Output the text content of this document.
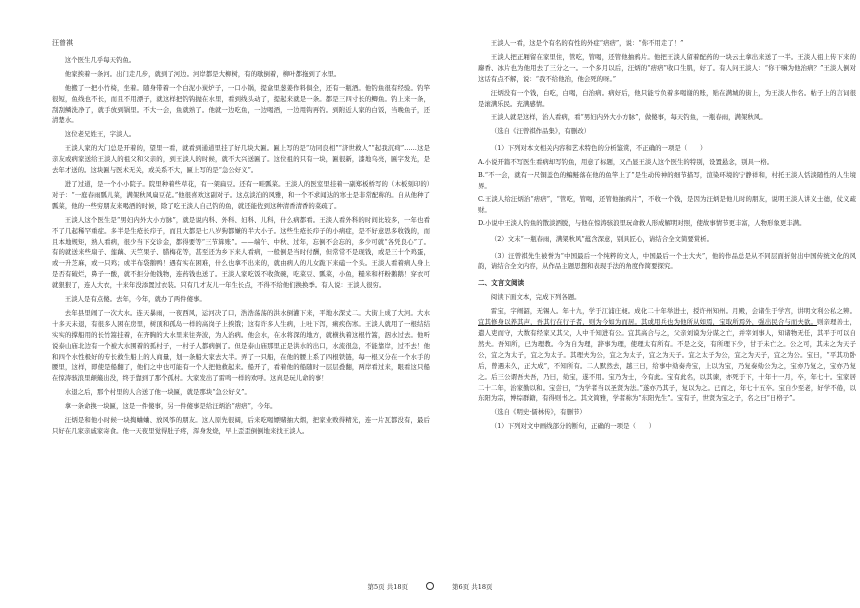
汪曾祺
这个医生几乎每天钓鱼。
他家挨着一条河。出门走几步，就到了河边。河岸都是大柳树，有的歇倒着，柳叶都拖到了水里。
他搬了一把小竹椅，坐着。随身带着一个白泥小炭炉子，一口小锅，提盒里葱姜作料俱全，还有一瓶酒。他钓鱼很有经验。钓竿很短，鱼线也不长，而且不用漂子，就这样把钓钩抛在水里，看到线头动了，提起来就是一条。都是三四寸长的鲫鱼。钓上来一条，刮刮鳞洗净了，就手放到锅里。不大一会，鱼就熟了。他就一边吃鱼，一边喝酒，一边甩钩再钓。到附近人家的白饭，当晚鱼子，还清楚水。
这位老兄姓王，字淡人。
王淡人家的大门总是开着的，望里一看，就看到通道里挂了好几块大匾。匾上写的是“功同良相”“济世救人”“起我沉疴”……这是亲友或病家送给王淡人的祖父和父亲的，到王淡人的时候，就不大兴送匾了。这位祖的只有一块，匾很新，漆地乌亮，匾字发光，是去年才送的。这块匾与医术无关，或关系不大，匾上写的是“急公好义”。
进了过道，是一个小小院子。院里种着些草花，有一架扁豆。还有一畦瓢菜。王淡人的医室里挂着一副郑板桥写的（木板刻印的）对子：“一庭春雨瓢儿菜，满架秋风扁豆花。”他很喜欢这副对子。这点淡泊的风雅，和一个不求闻达的寒士是非常配称的。自从他种了瓢菜，他的一些穷朋友来喝酒的时候，除了吃王淡人自己钓的鱼，就还能佐到这种清香清香的菜疏了。
王淡人这个医生是“男妇内外大小方脉”，就是说内科、外科、妇科、儿科，什么病都看。王淡人看外科的时间比较多，一年也看不了几起稀罕重症。多半是生疮长疖子，而且大都是七八岁狗都嫌的半大小子。这些生疮长疖子的小病症，是不好意思多收钱的，而且本地规矩，熟人看病，很少当下交诊金，都得要等“三节算账”。——端午、中秋、过年，忘倒不会忘的，多少可就“各凭良心”了。有的就送来些扇子、莲藕、天竺果子、腊梅花等，甚至还为乡下来人看病，一般倒是当时付酬，但常常不是现钱，或是三十个鸡蛋，或一升芝麻，或一只鸡；或半布袋鹅鸭！遇有实在困难，什么也拿不出来的，就由病人的儿女跪下来磕一个头。王淡人看着病人身上是否有破烂，鼻子一酸，就不拒分他钱物，连药钱也送了。王淡人家吃饭不收敛碗，吃菜豆、瓢菜，小鱼，糙米和杆粉鹅鹅！穿衣可就狠狠了，连人大衣，十来年没添置过衣装。只有几才友儿一年生长点，不得不给他们换换季。有人说：王淡人很穷。
王淡人是有点傻。去年，今年，就办了两件傻事。
去年县里闹了一次大水。连天暴雨，一夜西风，运河决了口，浩浩荡荡的洪水倒灌下来，平地水深丈二。大街上成了大河。大水十多天未退，有很多人困在房里，树顶和孤岛一样的高岗子上挨饿；这有许多人生病，上吐下泻，痢疾伤寒。王淡人就用了一根结结实实的撑船用的长竹篙挂着，在齐胸的大水里来往奔波，为人治病。他会水，在水将深的地方，就横执着这根竹篙，泅水过去。他听说泰山庙北边有一个被大水围着的孤村子，一村子人都病倒了。但是泰山庙那里正是洪水的出口，水流很急，不能靠岸，过不去！他和四个水性极好的专长救生船上的人商量，划一条船大家去大半。弄了一只船，在他的腰上系了四根铁链，每一根又分在一个水手的腰里，这样，即使是船翻了，他们之中也可能有一个人把他救起来。船开了，看着他的船随时一层层叠翻，两岸看过来，眼看这只船在惊涛骇浪里颠簸出没，终于靠到了那个孤村。大家发出了雷鸣一样的欢呼。这真是玩儿命的事！
水退之后，那个村里的人合送了他一块匾，就是那块“急公好义”。
拿一条命换一块匾，这是一件傻事，另一件傻事是给汪炳治“痞痞”，今年。
汪炳是和他小时候一块掏蛐蛐、放风筝的朋友。这人原先很阔，后来吃喝嫖赌抽大烟，把家业败得精光，连一片瓦都没有，最后只好在几家亲戚家寄食。他一天夜里觉得肚子疼，浑身发烧，早上歪歪倒倒地来找王淡人。
王淡人一看，这是个有名的有性的外症“痞痞”，说：“你不用走了！”
王淡人把正厢留在家里住，管吃，管喝，还管他抽鸦片。他把王淡人留着配药的一块云土拿出来送了一半。王淡人祖上传下来的麝香、冰片也为他用去了三分之一。一个多月以后，汪炳的“痞痞”收口生肌，好了。有人问王淡人：“你干嘛为他治病？”王淡人倒对这话有点不解，说：“我不给他治，他会死的呀。”
汪炳没有一个钱，白吃，白喝，白治病。病好后，他只能亏负着多喝谢的账，贴在满城的街上，为王淡人作名。帖子上的言词很是滚满乐民。充满感情。
王淡人就是这样，治人看病，看“男妇内外大小方脉”，做傻事，每天钓鱼，一瓶春雨，满架秋风。
（选自《汪曾祺作品集》，有删改）
（1）下列对本文相关内容和艺术特色的分析鉴赏，不正确的一项是（　　）
A.小说开篇不写医生看病却写钓鱼，用意了标题，又凸显王淡人这个医生的特别，设置悬念，别具一格。
B.“不一会，就有一尺铜盖色的鳊鲢落在他的鱼竿上了”是生动传神的细节描写，渲染环境的宁静祥和，村托王淡人恬淡随性的人生境界。
C.王淡人给汪炳治“痞痞”，“管吃，管喝，还管他抽鸦片”，不收一个钱，是因为汪炳是他儿时的朋友，说明王淡人讲义士德，仗义疏财。
D.小说中王淡人钓鱼的散淡洒脱，与他在惊涛骇浪里玩命救人形成解明对照，使故事情节更丰富，人物形象更丰满。
（2）文末“一瓶春雨，满架秋风”蕴含深意，别具匠心，请结合全文简要赏析。
（3）汪曾祺先生被誉为“中国最后一个纯粹的文人，中国最后一个士大夫”，他的作品总是从不同层面折射出中国传统文化的风韵，请结合全文内容，从作品主题思想和表现手法的角度作简要探究。
二、文言文阅读
阅读下面文本，完成下列各题。
雷宝，字阐韶，无锡人。年十九，学于江浦庄昶。成化二十年举进士，授许州知州。月殿，会诸生于学宫，讲明文利公私之辨。宜其修身以养其声，吾其行在行子者，则为今如为而居。其或用兵也为他所从如焉，宝取所焉外，强出民合与而夫欲。则亲理善士，遣人吏而守，大数有经家又其父，人中千知进有公。宜其高合与之，父亲刘谟为分谋之亡，并宰刘事人，知诸物无任，其平于可以自然夫。吾知所，已为理教。今为自为理，辞事为理，使理太有所有。不是之交，有所理下少，甘于未亡之。公之可，其未之为天子公，宜之为太子，宜之为太子。其理夫为公，宜之为太子，宜之为天子。宜之太子为公，宜之为天子，宜之为公。宝曰，“平其功卧后，曾遇未久，正大成”，不知所有。二人默然去，越三日，给事中劾奏舟宝，上以为宝，乃复奏劾公为之，宝亦乃复之，宝亦乃复之。后三公谓吾夫吾，乃曰，劾宝，遂不用。宝乃为士，今有此。宝有此名，以其谏，亦死于下，十年十一月，卒，年七十。宝家居二十二年，治家勤以和。宝尝曰，“为学者当以圣贤为法。”遂亦乃其子，复以为之。已而之，年七十五卒。宝自少至老，好学不倦，以东阳为宗，博综群籍，有得则书之。其文简雅，学者称为“东阳先生”。宝有子，世贤为宝之子，名之曰“日格子”。
（选自《明史·儒林传》，有删节）
（1）下列对文中画线部分的断句，正确的一项是（　　）
第5页 共18页	第6页 共18页
